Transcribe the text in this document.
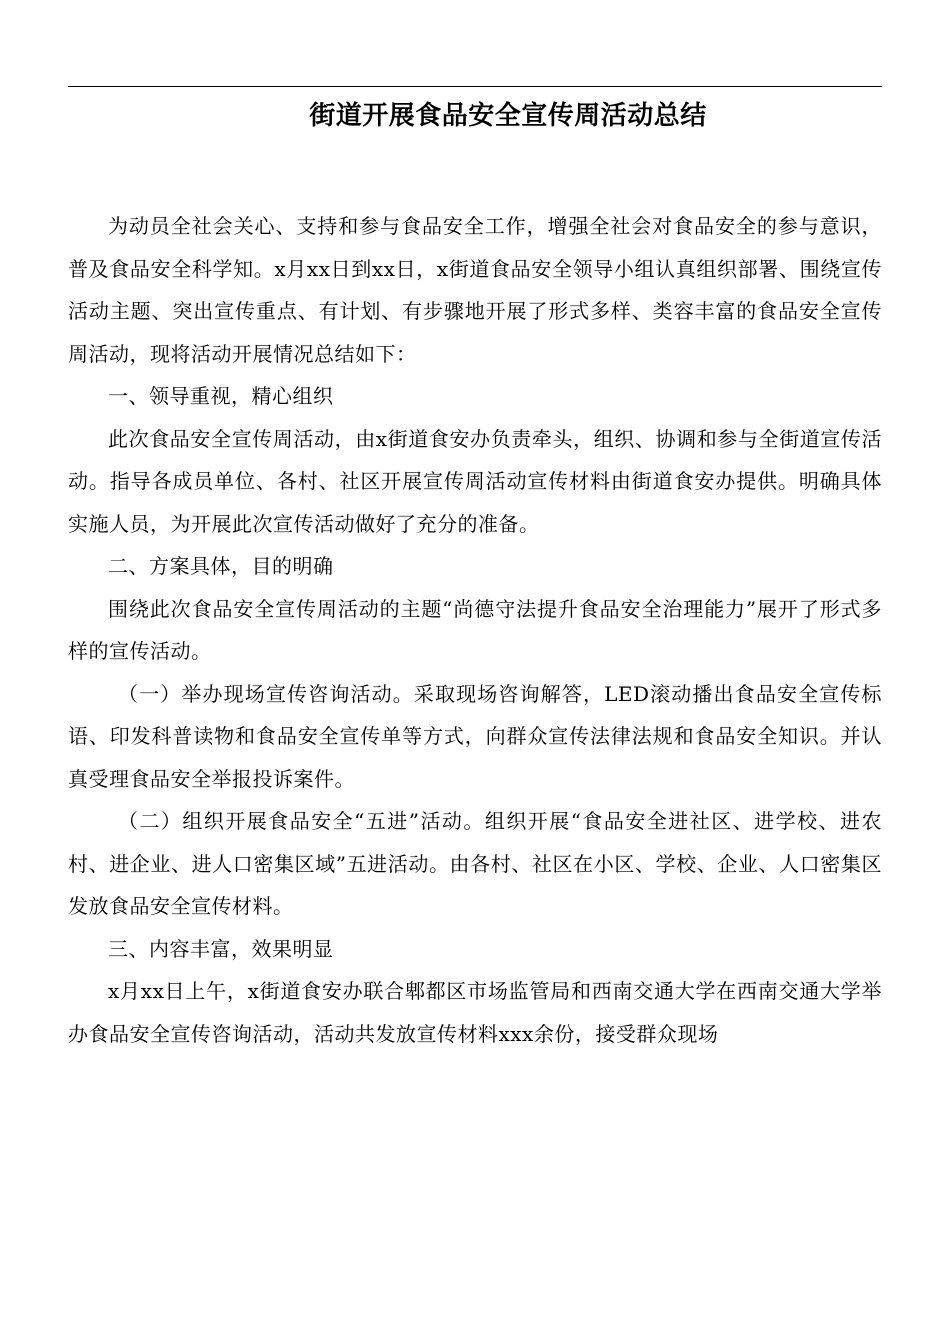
街道开展食品安全宣传周活动总结

为动员全社会关心、支持和参与食品安全工作，增强全社会对食品安全的参与意识，普及食品安全科学知。x月xx日到xx日，x街道食品安全领导小组认真组织部署、围绕宣传活动主题、突出宣传重点、有计划、有步骤地开展了形式多样、类容丰富的食品安全宣传周活动，现将活动开展情况总结如下：

一、领导重视，精心组织

此次食品安全宣传周活动，由x街道食安办负责牵头，组织、协调和参与全街道宣传活动。指导各成员单位、各村、社区开展宣传周活动宣传材料由街道食安办提供。明确具体实施人员，为开展此次宣传活动做好了充分的准备。

二、方案具体，目的明确

围绕此次食品安全宣传周活动的主题“尚德守法提升食品安全治理能力”展开了形式多样的宣传活动。

（一）举办现场宣传咨询活动。采取现场咨询解答，LED滚动播出食品安全宣传标语、印发科普读物和食品安全宣传单等方式，向群众宣传法律法规和食品安全知识。并认真受理食品安全举报投诉案件。

（二）组织开展食品安全“五进”活动。组织开展“食品安全进社区、进学校、进农村、进企业、进人口密集区域”五进活动。由各村、社区在小区、学校、企业、人口密集区发放食品安全宣传材料。

三、内容丰富，效果明显

x月xx日上午，x街道食安办联合郫都区市场监管局和西南交通大学在西南交通大学举办食品安全宣传咨询活动，活动共发放宣传材料xxx余份，接受群众现场
